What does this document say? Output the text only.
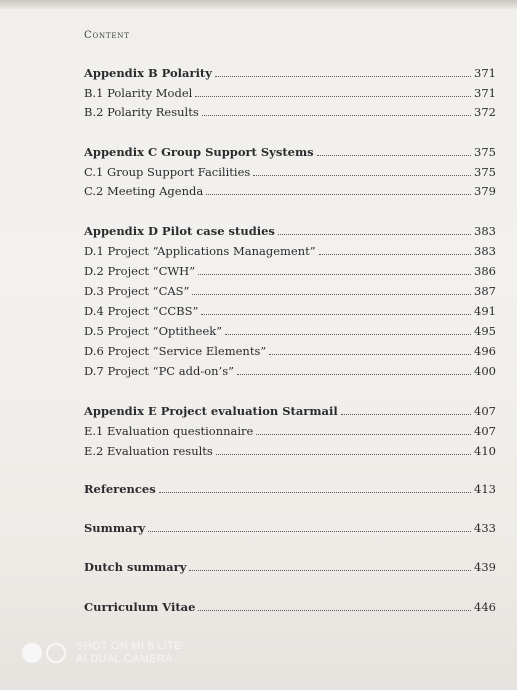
Content
Appendix B Polarity	371
B.1 Polarity Model	371
B.2 Polarity Results	372
Appendix C Group Support Systems	375
C.1 Group Support Facilities	375
C.2 Meeting Agenda	379
Appendix D Pilot case studies	383
D.1 Project “Applications Management”	383
D.2 Project “CWH”	386
D.3 Project “CAS”	387
D.4 Project “CCBS”	491
D.5 Project “Optitheek”	495
D.6 Project “Service Elements”	496
D.7 Project “PC add-on’s”	400
Appendix E Project evaluation Starmail	407
E.1 Evaluation questionnaire	407
E.2 Evaluation results	410
References	413
Summary	433
Dutch summary	439
Curriculum Vitae	446
SHOT ON MI 8 LITE
AI DUAL CAMERA
